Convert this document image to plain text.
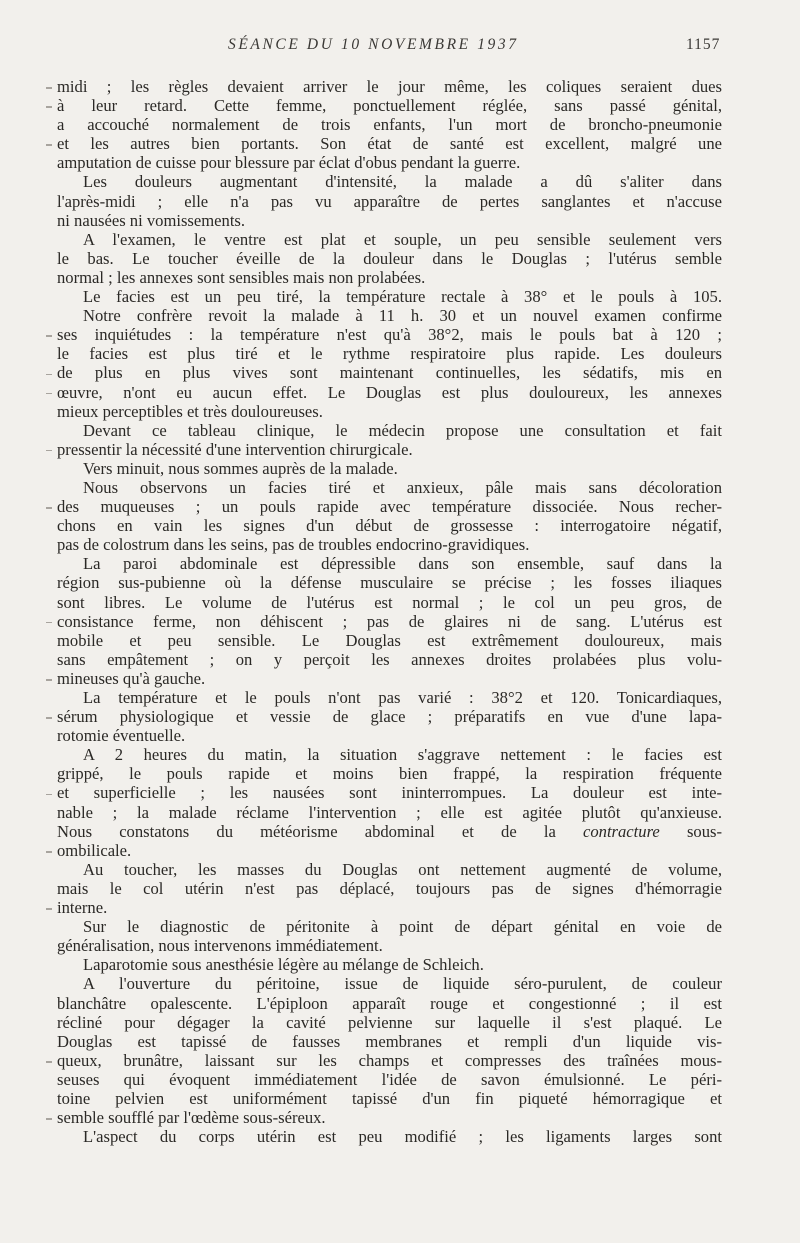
SÉANCE DU 10 NOVEMBRE 1937	1157
midi ; les règles devaient arriver le jour même, les coliques seraient dues
à leur retard. Cette femme, ponctuellement réglée, sans passé génital,
a accouché normalement de trois enfants, l'un mort de broncho-pneumonie
et les autres bien portants. Son état de santé est excellent, malgré une
amputation de cuisse pour blessure par éclat d'obus pendant la guerre.
Les douleurs augmentant d'intensité, la malade a dû s'aliter dans
l'après-midi ; elle n'a pas vu apparaître de pertes sanglantes et n'accuse
ni nausées ni vomissements.
A l'examen, le ventre est plat et souple, un peu sensible seulement vers
le bas. Le toucher éveille de la douleur dans le Douglas ; l'utérus semble
normal ; les annexes sont sensibles mais non prolabées.
Le facies est un peu tiré, la température rectale à 38° et le pouls à 105.
Notre confrère revoit la malade à 11 h. 30 et un nouvel examen confirme
ses inquiétudes : la température n'est qu'à 38°2, mais le pouls bat à 120 ;
le facies est plus tiré et le rythme respiratoire plus rapide. Les douleurs
de plus en plus vives sont maintenant continuelles, les sédatifs, mis en
œuvre, n'ont eu aucun effet. Le Douglas est plus douloureux, les annexes
mieux perceptibles et très douloureuses.
Devant ce tableau clinique, le médecin propose une consultation et fait
pressentir la nécessité d'une intervention chirurgicale.
Vers minuit, nous sommes auprès de la malade.
Nous observons un facies tiré et anxieux, pâle mais sans décoloration
des muqueuses ; un pouls rapide avec température dissociée. Nous recher-
chons en vain les signes d'un début de grossesse : interrogatoire négatif,
pas de colostrum dans les seins, pas de troubles endocrino-gravidiques.
La paroi abdominale est dépressible dans son ensemble, sauf dans la
région sus-pubienne où la défense musculaire se précise ; les fosses iliaques
sont libres. Le volume de l'utérus est normal ; le col un peu gros, de
consistance ferme, non déhiscent ; pas de glaires ni de sang. L'utérus est
mobile et peu sensible. Le Douglas est extrêmement douloureux, mais
sans empâtement ; on y perçoit les annexes droites prolabées plus volu-
mineuses qu'à gauche.
La température et le pouls n'ont pas varié : 38°2 et 120. Tonicardiaques,
sérum physiologique et vessie de glace ; préparatifs en vue d'une lapa-
rotomie éventuelle.
A 2 heures du matin, la situation s'aggrave nettement : le facies est
grippé, le pouls rapide et moins bien frappé, la respiration fréquente
et superficielle ; les nausées sont ininterrompues. La douleur est inte-
nable ; la malade réclame l'intervention ; elle est agitée plutôt qu'anxieuse.
Nous constatons du météorisme abdominal et de la contracture sous-
ombilicale.
Au toucher, les masses du Douglas ont nettement augmenté de volume,
mais le col utérin n'est pas déplacé, toujours pas de signes d'hémorragie
interne.
Sur le diagnostic de péritonite à point de départ génital en voie de
généralisation, nous intervenons immédiatement.
Laparotomie sous anesthésie légère au mélange de Schleich.
A l'ouverture du péritoine, issue de liquide séro-purulent, de couleur
blanchâtre opalescente. L'épiploon apparaît rouge et congestionné ; il est
récliné pour dégager la cavité pelvienne sur laquelle il s'est plaqué. Le
Douglas est tapissé de fausses membranes et rempli d'un liquide vis-
queux, brunâtre, laissant sur les champs et compresses des traînées mous-
seuses qui évoquent immédiatement l'idée de savon émulsionné. Le péri-
toine pelvien est uniformément tapissé d'un fin piqueté hémorragique et
semble soufflé par l'œdème sous-séreux.
L'aspect du corps utérin est peu modifié ; les ligaments larges sont
